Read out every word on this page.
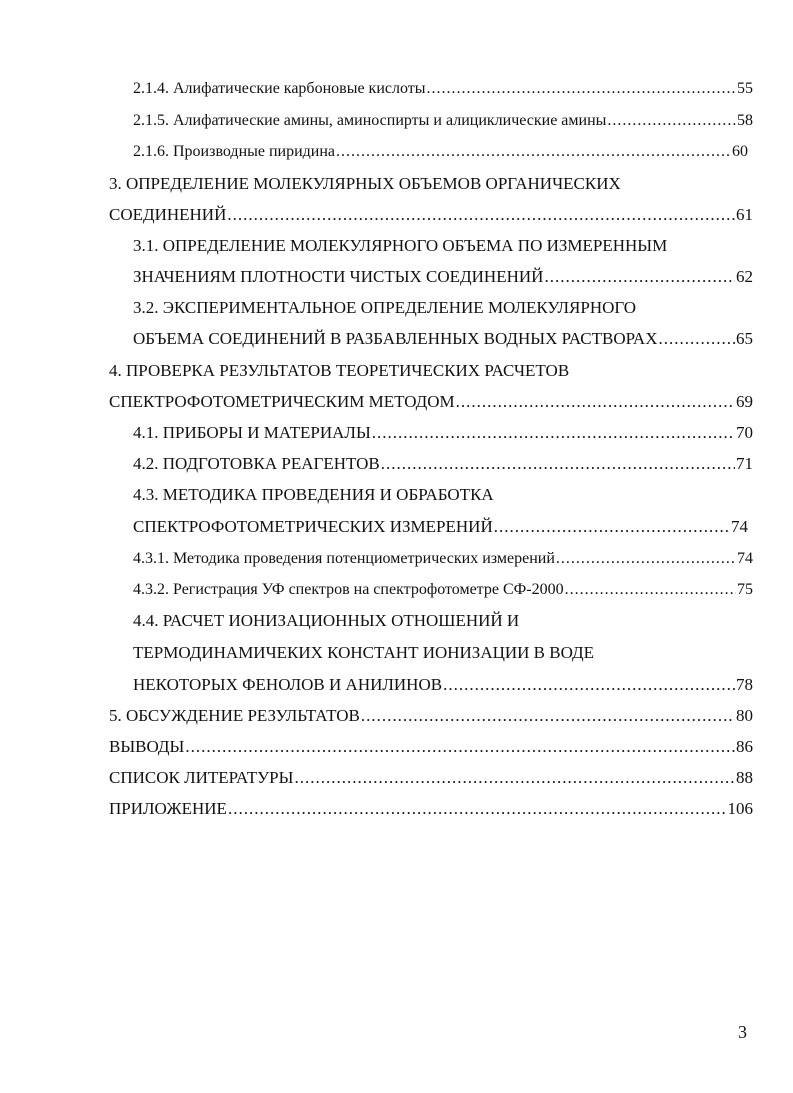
2.1.4. Алифатические карбоновые кислоты .....	55
2.1.5. Алифатические амины, аминоспирты и алициклические амины .....	58
2.1.6. Производные пиридина .....	60
3. ОПРЕДЕЛЕНИЕ МОЛЕКУЛЯРНЫХ ОБЪЕМОВ ОРГАНИЧЕСКИХ
СОЕДИНЕНИЙ .....	61
3.1. ОПРЕДЕЛЕНИЕ МОЛЕКУЛЯРНОГО ОБЪЕМА ПО ИЗМЕРЕННЫМ
ЗНАЧЕНИЯМ ПЛОТНОСТИ ЧИСТЫХ СОЕДИНЕНИЙ .....	62
3.2. ЭКСПЕРИМЕНТАЛЬНОЕ ОПРЕДЕЛЕНИЕ МОЛЕКУЛЯРНОГО
ОБЪЕМА СОЕДИНЕНИЙ В РАЗБАВЛЕННЫХ ВОДНЫХ РАСТВОРАХ .....	65
4. ПРОВЕРКА РЕЗУЛЬТАТОВ ТЕОРЕТИЧЕСКИХ РАСЧЕТОВ
СПЕКТРОФОТОМЕТРИЧЕСКИМ МЕТОДОМ .....	69
4.1. ПРИБОРЫ И МАТЕРИАЛЫ .....	70
4.2. ПОДГОТОВКА РЕАГЕНТОВ .....	71
4.3. МЕТОДИКА ПРОВЕДЕНИЯ И ОБРАБОТКА
СПЕКТРОФОТОМЕТРИЧЕСКИХ ИЗМЕРЕНИЙ .....	74
4.3.1. Методика проведения потенциометрических измерений .....	74
4.3.2. Регистрация УФ спектров на спектрофотометре СФ-2000 .....	75
4.4. РАСЧЕТ ИОНИЗАЦИОННЫХ ОТНОШЕНИЙ И
ТЕРМОДИНАМИЧЕКИХ КОНСТАНТ ИОНИЗАЦИИ В ВОДЕ
НЕКОТОРЫХ ФЕНОЛОВ И АНИЛИНОВ .....	78
5. ОБСУЖДЕНИЕ РЕЗУЛЬТАТОВ .....	80
ВЫВОДЫ .....	86
СПИСОК ЛИТЕРАТУРЫ .....	88
ПРИЛОЖЕНИЕ .....	106
3
